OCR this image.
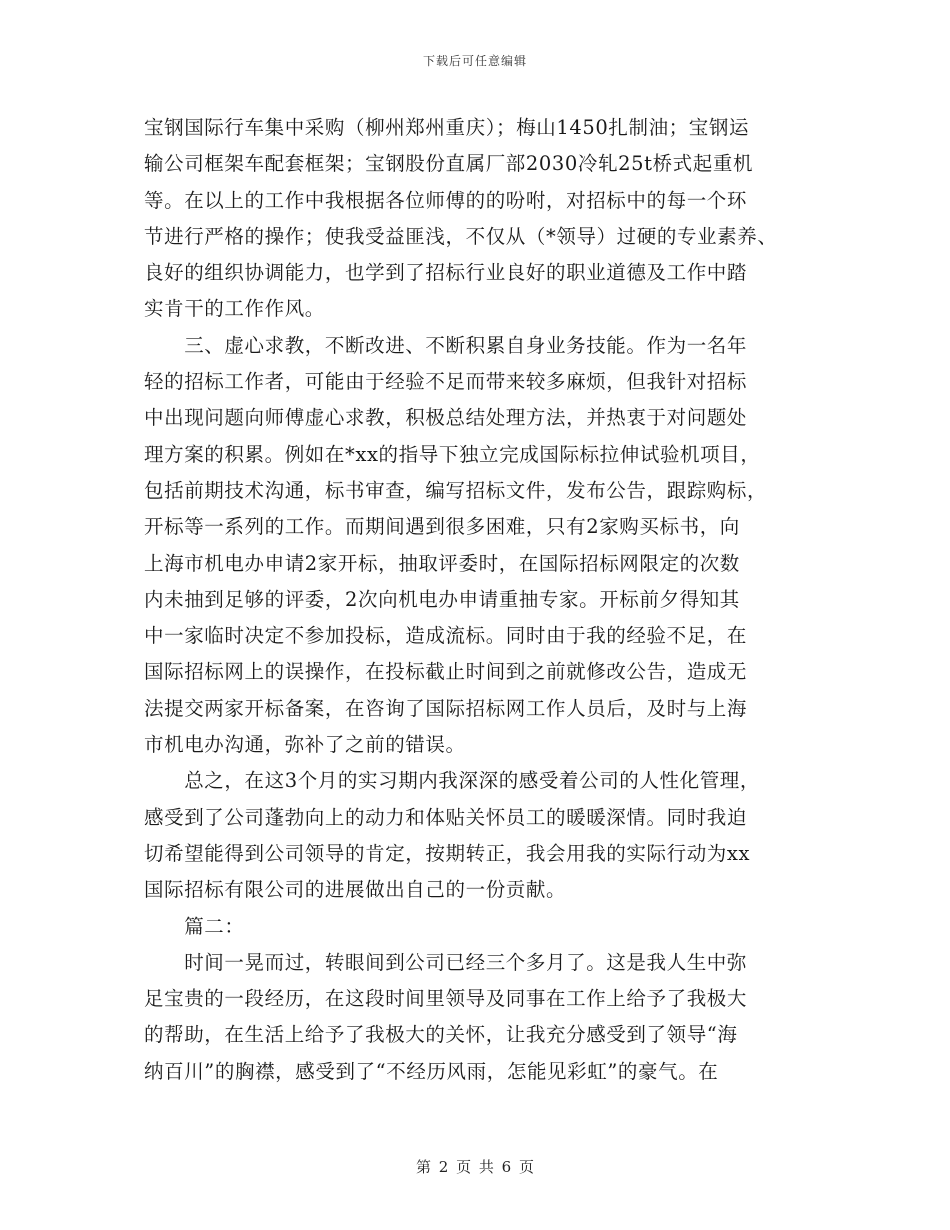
下载后可任意编辑
宝钢国际行车集中采购（柳州郑州重庆）；梅山1450扎制油；宝钢运
输公司框架车配套框架；宝钢股份直属厂部2030冷轧25t桥式起重机
等。在以上的工作中我根据各位师傅的的吩咐，对招标中的每一个环
节进行严格的操作；使我受益匪浅，不仅从（*领导）过硬的专业素养、
良好的组织协调能力，也学到了招标行业良好的职业道德及工作中踏
实肯干的工作作风。
　　三、虚心求教，不断改进、不断积累自身业务技能。作为一名年
轻的招标工作者，可能由于经验不足而带来较多麻烦，但我针对招标
中出现问题向师傅虚心求教，积极总结处理方法，并热衷于对问题处
理方案的积累。例如在*xx的指导下独立完成国际标拉伸试验机项目，
包括前期技术沟通，标书审查，编写招标文件，发布公告，跟踪购标，
开标等一系列的工作。而期间遇到很多困难，只有2家购买标书，向
上海市机电办申请2家开标，抽取评委时，在国际招标网限定的次数
内未抽到足够的评委，2次向机电办申请重抽专家。开标前夕得知其
中一家临时决定不参加投标，造成流标。同时由于我的经验不足，在
国际招标网上的误操作，在投标截止时间到之前就修改公告，造成无
法提交两家开标备案，在咨询了国际招标网工作人员后，及时与上海
市机电办沟通，弥补了之前的错误。
　　总之，在这3个月的实习期内我深深的感受着公司的人性化管理，
感受到了公司蓬勃向上的动力和体贴关怀员工的暖暖深情。同时我迫
切希望能得到公司领导的肯定，按期转正，我会用我的实际行动为xx
国际招标有限公司的进展做出自己的一份贡献。
　　篇二：
　　时间一晃而过，转眼间到公司已经三个多月了。这是我人生中弥
足宝贵的一段经历，在这段时间里领导及同事在工作上给予了我极大
的帮助，在生活上给予了我极大的关怀，让我充分感受到了领导“海
纳百川”的胸襟，感受到了“不经历风雨，怎能见彩虹”的豪气。在
第 2 页 共 6 页
